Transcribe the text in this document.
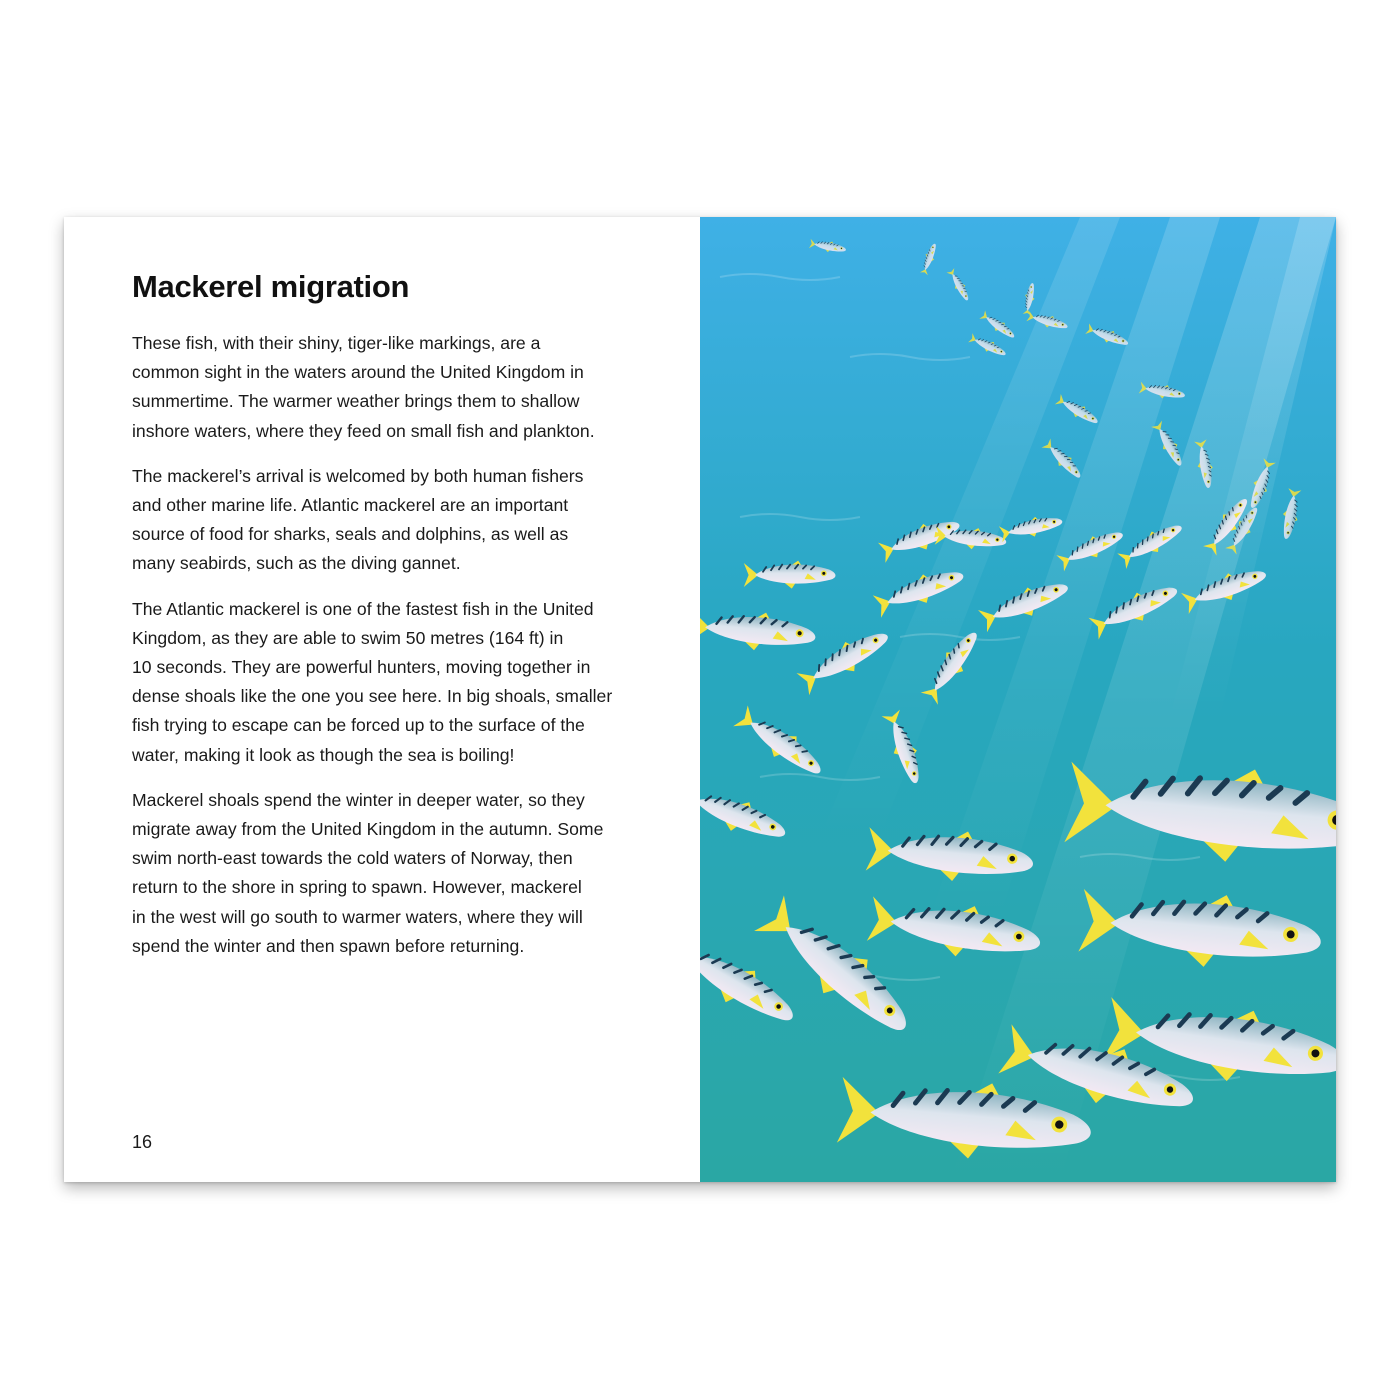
Mackerel migration

These fish, with their shiny, tiger-like markings, are a
common sight in the waters around the United Kingdom in
summertime. The warmer weather brings them to shallow
inshore waters, where they feed on small fish and plankton.

The mackerel’s arrival is welcomed by both human fishers
and other marine life. Atlantic mackerel are an important
source of food for sharks, seals and dolphins, as well as
many seabirds, such as the diving gannet.

The Atlantic mackerel is one of the fastest fish in the United
Kingdom, as they are able to swim 50 metres (164 ft) in
10 seconds. They are powerful hunters, moving together in
dense shoals like the one you see here. In big shoals, smaller
fish trying to escape can be forced up to the surface of the
water, making it look as though the sea is boiling!

Mackerel shoals spend the winter in deeper water, so they
migrate away from the United Kingdom in the autumn. Some
swim north-east towards the cold waters of Norway, then
return to the shore in spring to spawn. However, mackerel
in the west will go south to warmer waters, where they will
spend the winter and then spawn before returning.

16
